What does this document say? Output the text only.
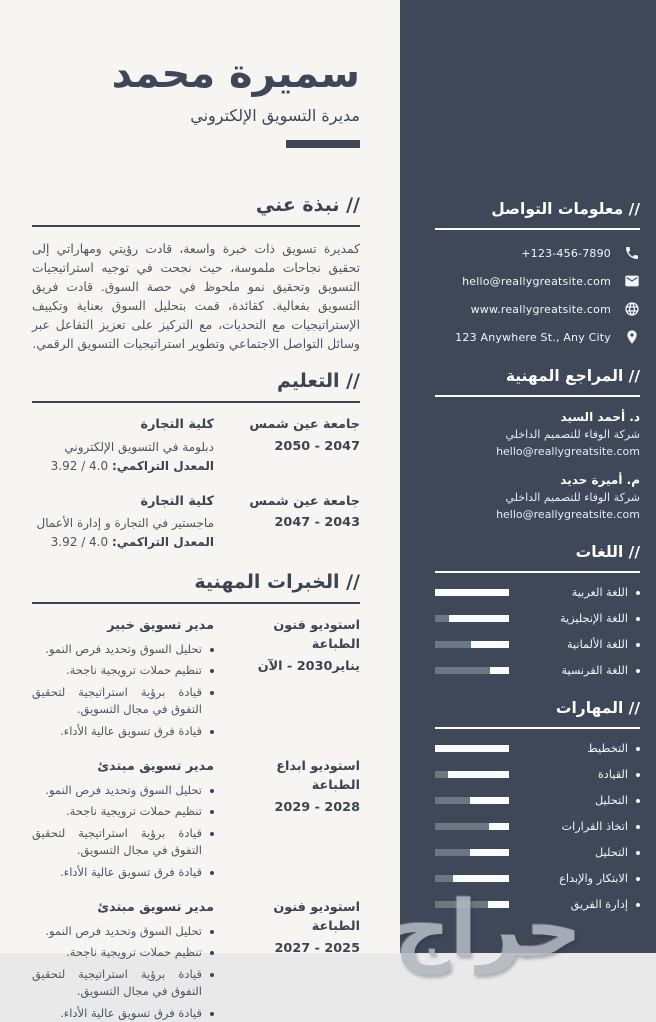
سميرة محمد
مديرة التسويق الإلكتروني
// نبذة عني
كمديرة تسويق ذات خبرة واسعة، قادت رؤيتي ومهاراتي إلى تحقيق نجاحات ملموسة، حيث نجحت في توجيه استراتيجيات التسويق وتحقيق نمو ملحوظ في حصة السوق. قادت فريق التسويق بفعالية. كقائدة، قمت بتحليل السوق بعناية وتكييف الإستراتيجيات مع التحديات، مع التركيز على تعزيز التفاعل عبر وسائل التواصل الاجتماعي وتطوير استراتيجيات التسويق الرقمي.
// التعليم
جامعة عين شمس
2047 - 2050
كلية التجارة
دبلومة في التسويق الإلكتروني
المعدل التراكمي: 4.0 / 3.92
جامعة عين شمس
2043 - 2047
كلية التجارة
ماجستير في التجارة و إدارة الأعمال
المعدل التراكمي: 4.0 / 3.92
// الخبرات المهنية
استوديو فنون الطباعة
يناير2030 - الآن
مدير تسويق خبير
تحليل السوق وتحديد فرص النمو.
تنظيم حملات ترويجية ناجحة.
قيادة برؤية استراتيجية لتحقيق التفوق في مجال التسويق.
قيادة فرق تسويق عالية الأداء.
استوديو ابداع الطباعة
2028 - 2029
مدير تسويق مبتدئ
تحليل السوق وتحديد فرص النمو.
تنظيم حملات ترويجية ناجحة.
قيادة برؤية استراتيجية لتحقيق التفوق في مجال التسويق.
قيادة فرق تسويق عالية الأداء.
استوديو فنون الطباعة
2025 - 2027
مدير تسويق مبتدئ
تحليل السوق وتحديد فرص النمو.
تنظيم حملات ترويجية ناجحة.
قيادة برؤية استراتيجية لتحقيق التفوق في مجال التسويق.
قيادة فرق تسويق عالية الأداء.
// معلومات التواصل
+123-456-7890
hello@reallygreatsite.com
www.reallygreatsite.com
123 Anywhere St., Any City
// المراجع المهنية
د. أحمد السيد
شركة الوفاء للتصميم الداخلي
hello@reallygreatsite.com
م. أميرة حديد
شركة الوفاء للتصميم الداخلي
hello@reallygreatsite.com
// اللغات
اللغة العربية
اللغة الإنجليزية
اللغة الألمانية
اللغة الفرنسية
// المهارات
التخطيط
القيادة
التحليل
اتخاذ القرارات
التحليل
الابتكار والإبداع
إدارة الفريق
حراج
